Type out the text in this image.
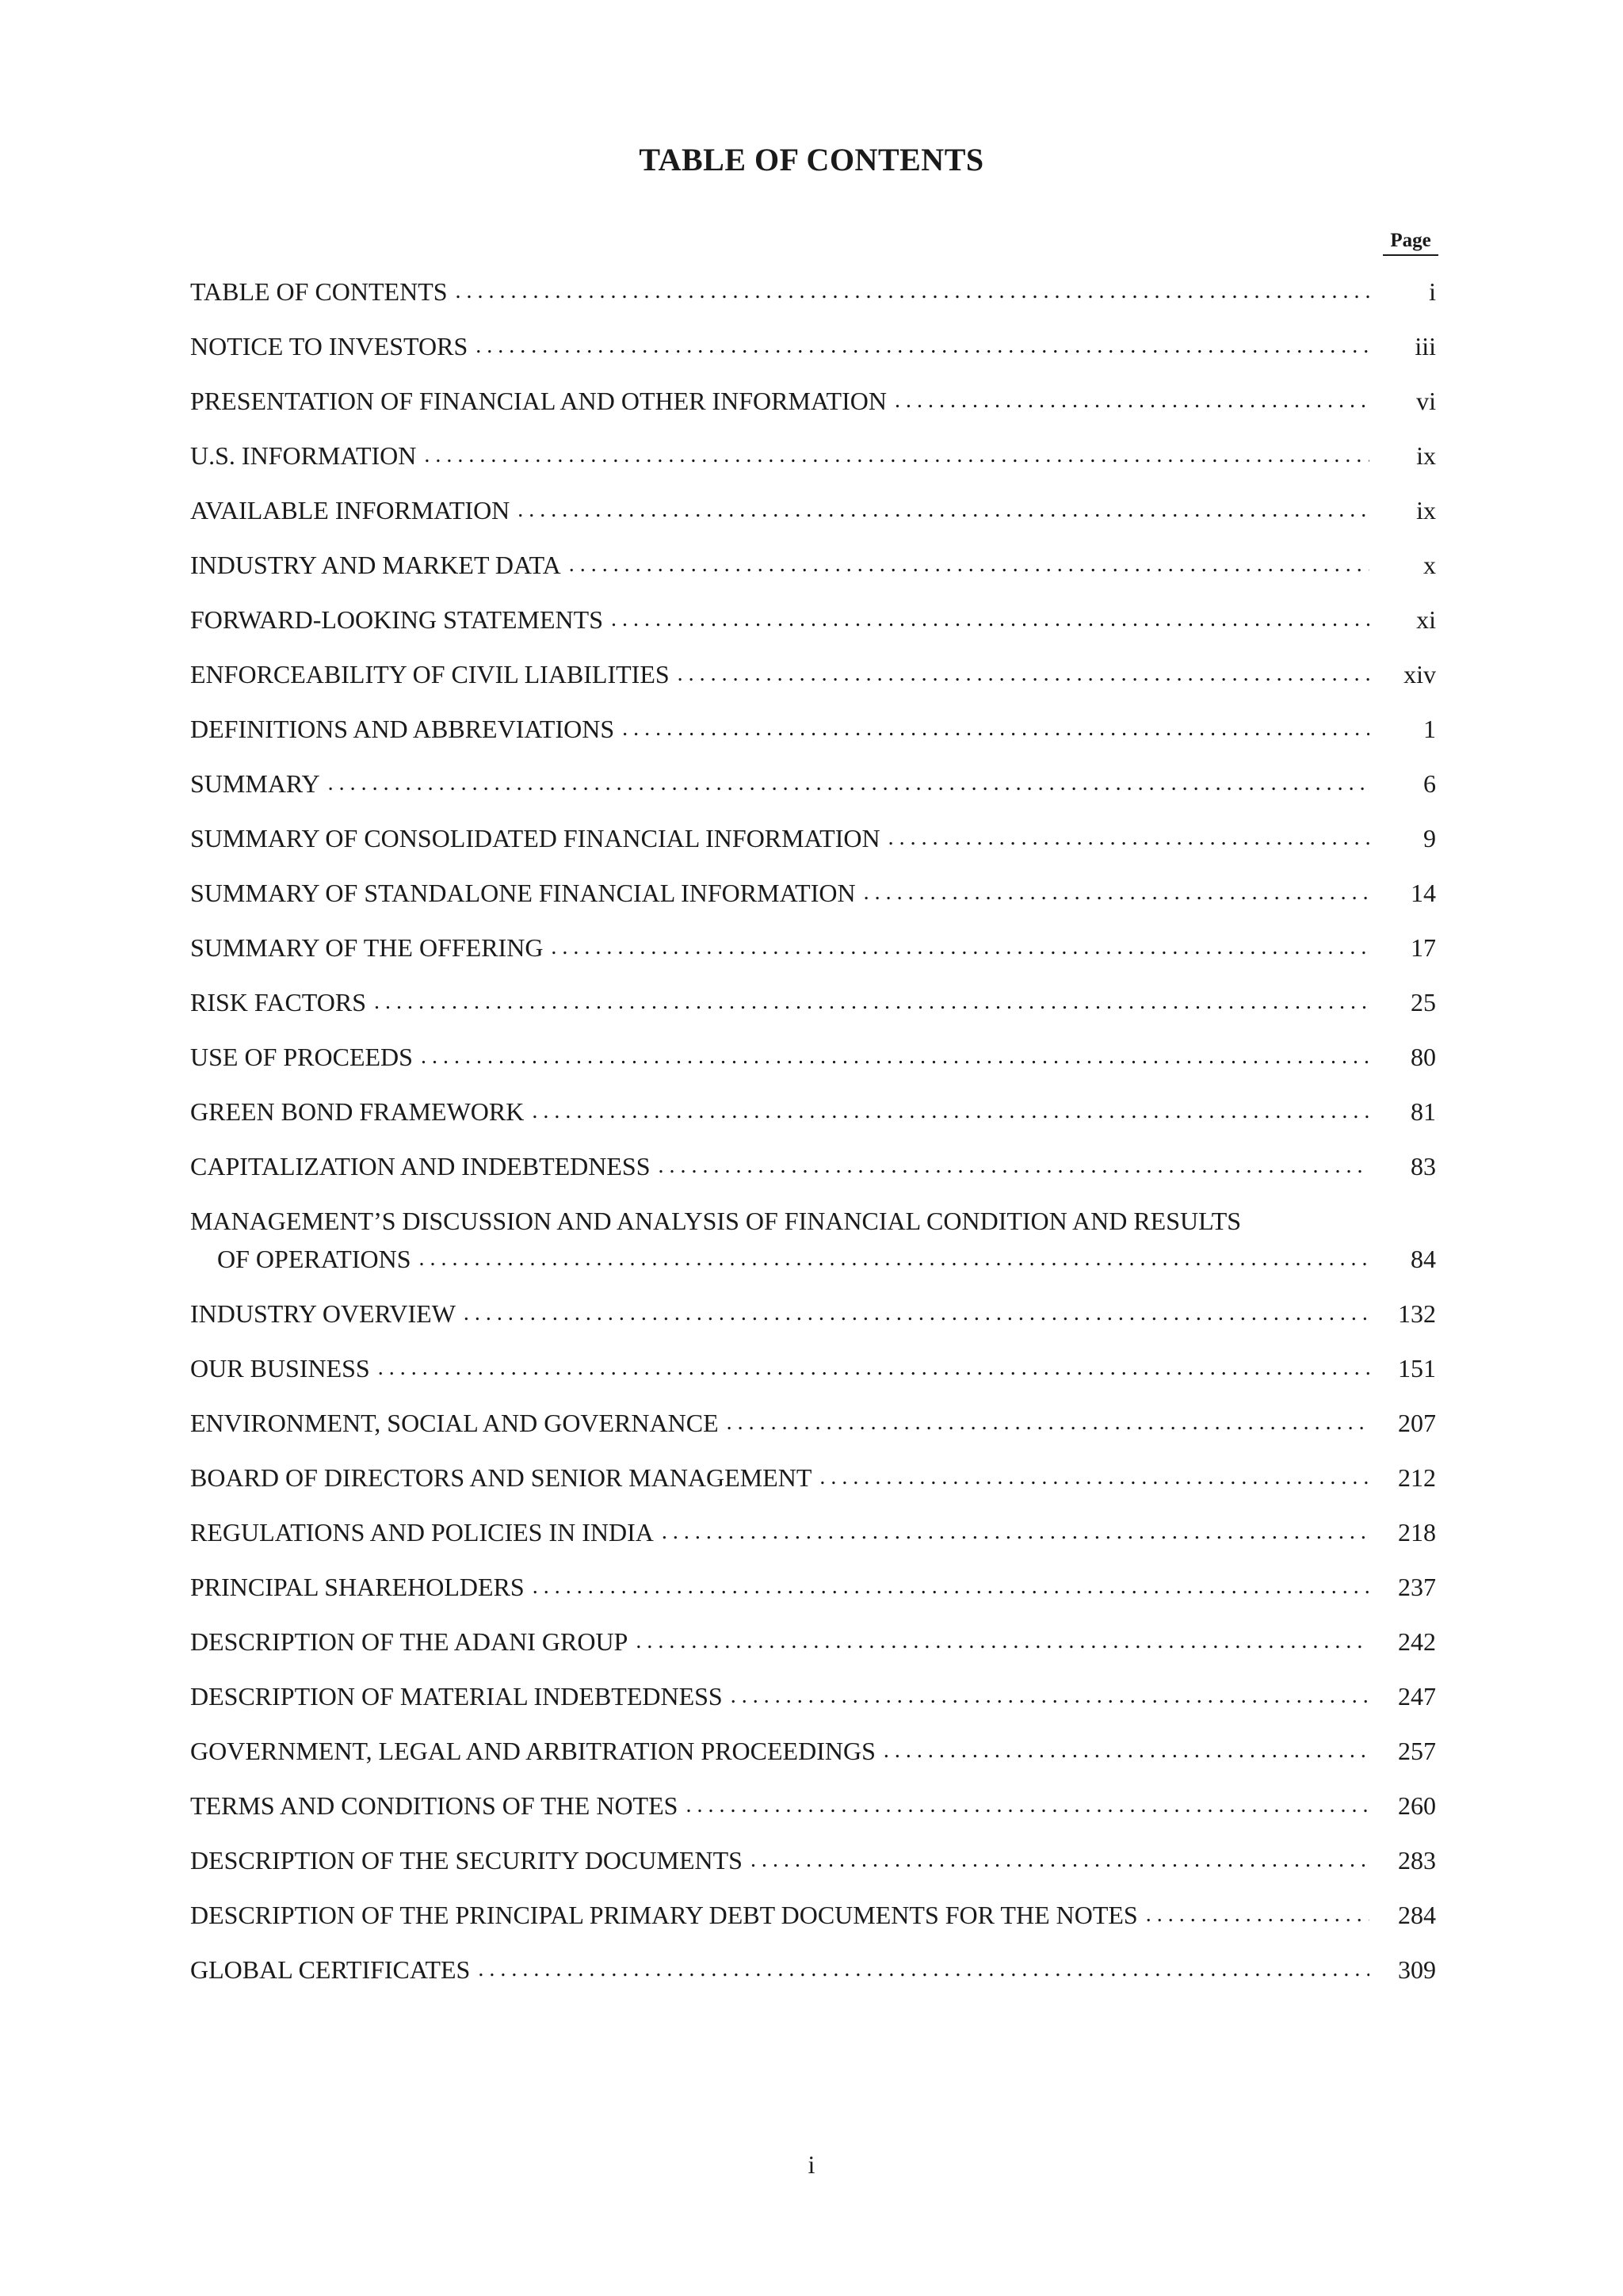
TABLE OF CONTENTS
Page
TABLE OF CONTENTS . . .	i
NOTICE TO INVESTORS . . .	iii
PRESENTATION OF FINANCIAL AND OTHER INFORMATION . . .	vi
U.S. INFORMATION . . .	ix
AVAILABLE INFORMATION . . .	ix
INDUSTRY AND MARKET DATA . . .	x
FORWARD-LOOKING STATEMENTS . . .	xi
ENFORCEABILITY OF CIVIL LIABILITIES . . .	xiv
DEFINITIONS AND ABBREVIATIONS . . .	1
SUMMARY . . .	6
SUMMARY OF CONSOLIDATED FINANCIAL INFORMATION . . .	9
SUMMARY OF STANDALONE FINANCIAL INFORMATION . . .	14
SUMMARY OF THE OFFERING . . .	17
RISK FACTORS . . .	25
USE OF PROCEEDS . . .	80
GREEN BOND FRAMEWORK . . .	81
CAPITALIZATION AND INDEBTEDNESS . . .	83
MANAGEMENT’S DISCUSSION AND ANALYSIS OF FINANCIAL CONDITION AND RESULTS
OF OPERATIONS . . .	84
INDUSTRY OVERVIEW . . .	132
OUR BUSINESS . . .	151
ENVIRONMENT, SOCIAL AND GOVERNANCE . . .	207
BOARD OF DIRECTORS AND SENIOR MANAGEMENT . . .	212
REGULATIONS AND POLICIES IN INDIA . . .	218
PRINCIPAL SHAREHOLDERS . . .	237
DESCRIPTION OF THE ADANI GROUP . . .	242
DESCRIPTION OF MATERIAL INDEBTEDNESS . . .	247
GOVERNMENT, LEGAL AND ARBITRATION PROCEEDINGS . . .	257
TERMS AND CONDITIONS OF THE NOTES . . .	260
DESCRIPTION OF THE SECURITY DOCUMENTS . . .	283
DESCRIPTION OF THE PRINCIPAL PRIMARY DEBT DOCUMENTS FOR THE NOTES . . .	284
GLOBAL CERTIFICATES . . .	309
i
